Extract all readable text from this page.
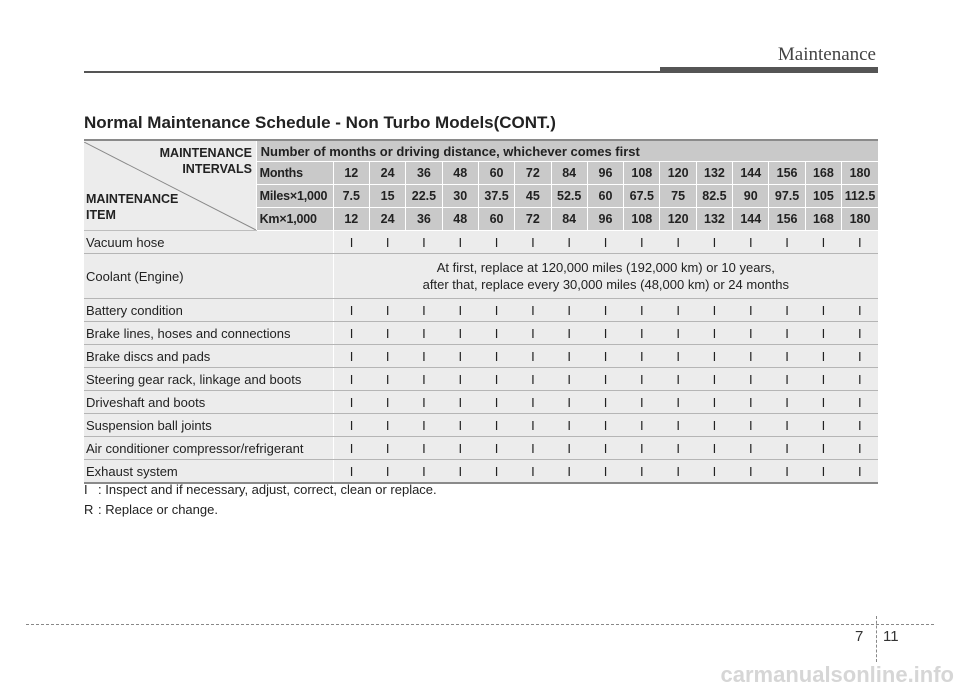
Maintenance
Normal Maintenance Schedule - Non Turbo Models(CONT.)
MAINTENANCE
INTERVALS
MAINTENANCE
ITEM	Number of months or driving distance, whichever comes first															
	Months	12	24	36	48	60	72	84	96	108	120	132	144	156	168	180
	Miles×1,000	7.5	15	22.5	30	37.5	45	52.5	60	67.5	75	82.5	90	97.5	105	112.5
	Km×1,000	12	24	36	48	60	72	84	96	108	120	132	144	156	168	180
Vacuum hose		I	I	I	I	I	I	I	I	I	I	I	I	I	I	I
Coolant (Engine)		At first, replace at 120,000 miles (192,000 km) or 10 years,
after that, replace every 30,000 miles (48,000 km) or 24 months														

Battery condition		I	I	I	I	I	I	I	I	I	I	I	I	I	I	I
Brake lines, hoses and connections		I	I	I	I	I	I	I	I	I	I	I	I	I	I	I
Brake discs and pads		I	I	I	I	I	I	I	I	I	I	I	I	I	I	I
Steering gear rack, linkage and boots		I	I	I	I	I	I	I	I	I	I	I	I	I	I	I
Driveshaft and boots		I	I	I	I	I	I	I	I	I	I	I	I	I	I	I
Suspension ball joints		I	I	I	I	I	I	I	I	I	I	I	I	I	I	I
Air conditioner compressor/refrigerant		I	I	I	I	I	I	I	I	I	I	I	I	I	I	I
Exhaust system		I	I	I	I	I	I	I	I	I	I	I	I	I	I	I
I : Inspect and if necessary, adjust, correct, clean or replace.
R : Replace or change.
7 11
carmanualsonline.info
